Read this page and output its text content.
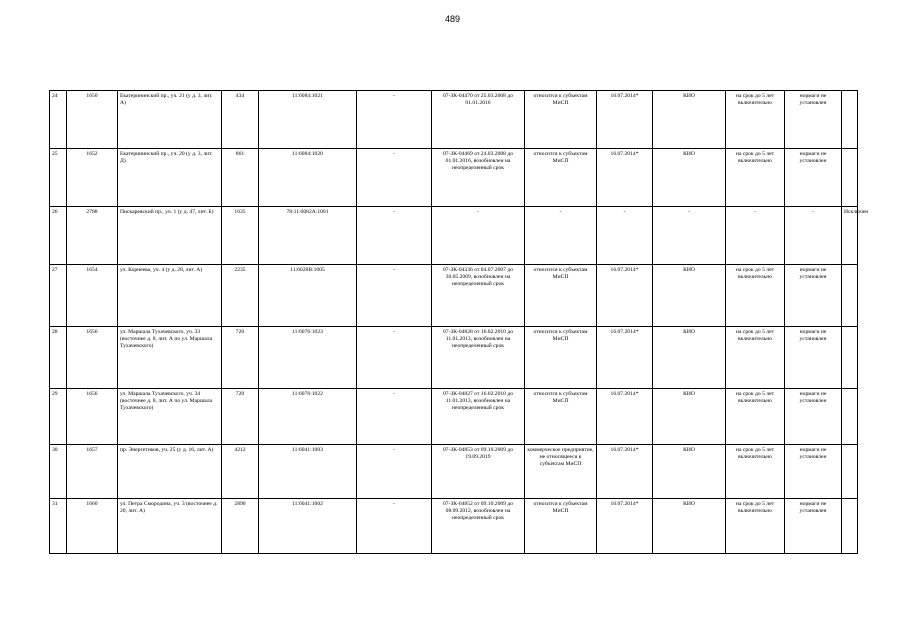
489
24	1650	Екатерининский пр., уч. 21 (у д. 3, лит. А)	434	11:6084:1021	-	07-ЗК-04470 от 25.03.2008 до 01.01.2016	относится к субъектам МиСП	16.07.2014*	КИО	на срок до 5 лет включительно	нормаги не установлен	
25	1652	Екатерининский пр., уч. 20 (у д. 3, лит. Д)	861	11:6084:1020	-	07-ЗК-04469 от 24.03.2008 до 01.01.2016, возобновлен на неопределенный срок	относится к субъектам МиСП	16.07.2014*	КИО	на срок до 5 лет включительно	нормаги не установлен	
26	2788	Пискаревский пр., уч. 1 (у д. 47, лит. Б)	1635	78:11:6082А:1001	-	-	-	-	-	-	-	Исключен
27	1654	ул. Корнеева, уч. 4 (у д. 28, лит. А)	2235	11:6028В:1005	-	07-ЗК-04336 от 04.07.2007 до 30.05.2009, возобновлен на неопределенный срок	относится к субъектам МиСП	16.07.2014*	КИО	на срок до 5 лет включительно	нормаги не установлен	
28	1656	ул. Маршала Тухачевского, уч. 33 (восточнее д. 8, лит. А по ул. Маршала Тухачевского)	720	11:6076:1023	-	07-ЗК-04828 от 16.02.2010 до 11.01.2013, возобновлен на неопределенный срок	относится к субъектам МиСП	16.07.2014*	КИО	на срок до 5 лет включительно	нормаги не установлен	
29	1656	ул. Маршала Тухачевского, уч. 34 (восточнее д. 8, лит. А по ул. Маршала Тухачевского)	720	11:6076:1022	-	07-ЗК-04827 от 16.02.2010 до 11.01.2013, возобновлен на неопределенный срок	относится к субъектам МиСП	16.07.2014*	КИО	на срок до 5 лет включительно	нормаги не установлен	
30	1657	пр. Энергетиков, уч. 25 (у д. 16, лит. А)	4212	11:6041:1003	-	07-ЗК-04853 от 09.10.2009 до 19.09.2019	коммерческое предприятие, не относящееся к субъектам МиСП	16.07.2014*	КИО	на срок до 5 лет включительно	нормаги не установлен	
31	1660	ул. Петра Смородина, уч. 3 (восточнее д. 20, лит. А)	2890	11:6041:1002	-	07-ЗК-04852 от 09.10.2009 до 08.09.2012, возобновлен на неопределенный срок	относится к субъектам МиСП	16.07.2014*	КИО	на срок до 5 лет включительно	нормаги не установлен	
